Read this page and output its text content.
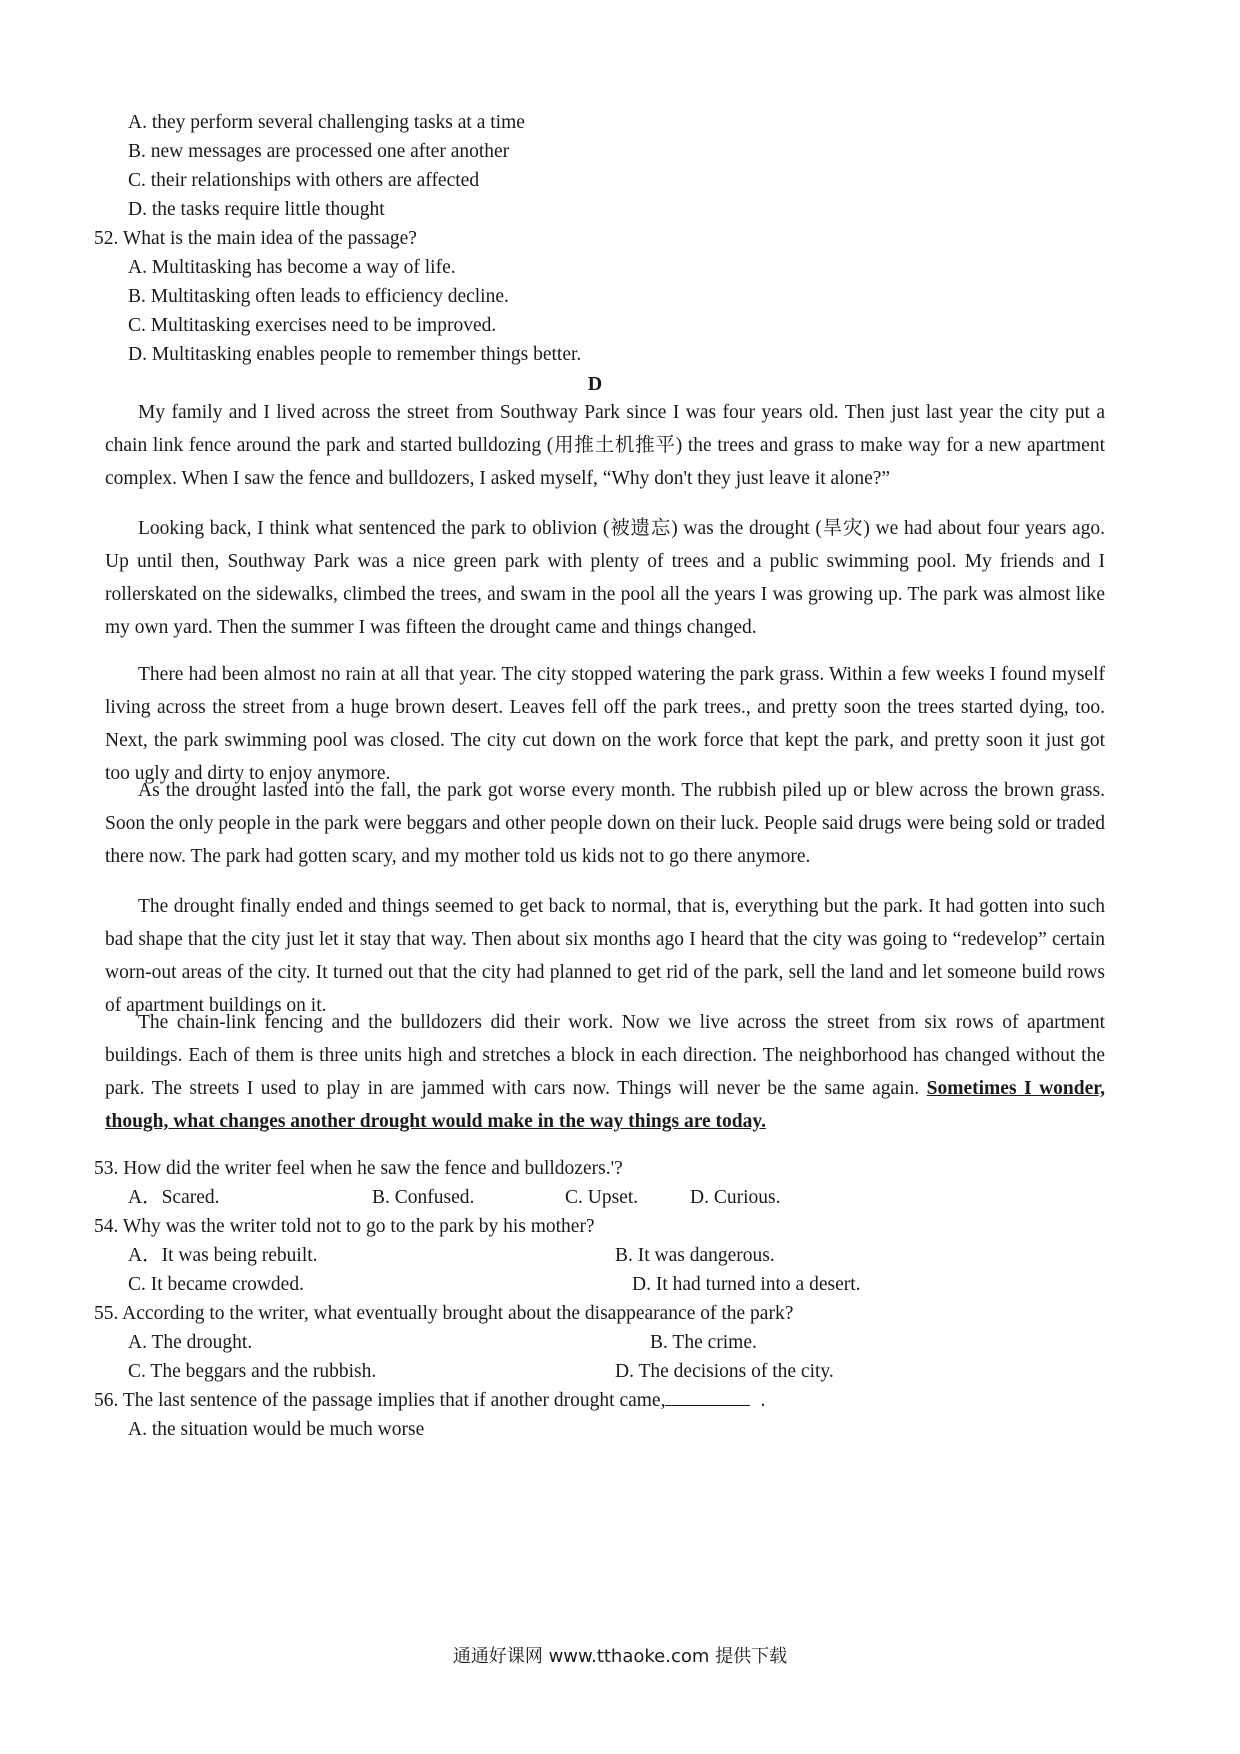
A. they perform several challenging tasks at a time
B. new messages are processed one after another
C. their relationships with others are affected
D. the tasks require little thought
52. What is the main idea of the passage?
A. Multitasking has become a way of life.
B. Multitasking often leads to efficiency decline.
C. Multitasking exercises need to be improved.
D. Multitasking enables people to remember things better.
D
My family and I lived across the street from Southway Park since I was four years old. Then just last year the city put a chain link fence around the park and started bulldozing (用推土机推平) the trees and grass to make way for a new apartment complex. When I saw the fence and bulldozers, I asked myself, “Why don't they just leave it alone?”
Looking back, I think what sentenced the park to oblivion (被遗忘) was the drought (旱灾) we had about four years ago. Up until then, Southway Park was a nice green park with plenty of trees and a public swimming pool. My friends and I rollerskated on the sidewalks, climbed the trees, and swam in the pool all the years I was growing up. The park was almost like my own yard. Then the summer I was fifteen the drought came and things changed.
There had been almost no rain at all that year. The city stopped watering the park grass. Within a few weeks I found myself living across the street from a huge brown desert. Leaves fell off the park trees., and pretty soon the trees started dying, too. Next, the park swimming pool was closed. The city cut down on the work force that kept the park, and pretty soon it just got too ugly and dirty to enjoy anymore.
As the drought lasted into the fall, the park got worse every month. The rubbish piled up or blew across the brown grass. Soon the only people in the park were beggars and other people down on their luck. People said drugs were being sold or traded there now. The park had gotten scary, and my mother told us kids not to go there anymore.
The drought finally ended and things seemed to get back to normal, that is, everything but the park. It had gotten into such bad shape that the city just let it stay that way. Then about six months ago I heard that the city was going to “redevelop” certain worn-out areas of the city. It turned out that the city had planned to get rid of the park, sell the land and let someone build rows of apartment buildings on it.
The chain-link fencing and the bulldozers did their work. Now we live across the street from six rows of apartment buildings. Each of them is three units high and stretches a block in each direction. The neighborhood has changed without the park. The streets I used to play in are jammed with cars now. Things will never be the same again. Sometimes I wonder, though, what changes another drought would make in the way things are today.
53. How did the writer feel when he saw the fence and bulldozers.'?
A．Scared.	B. Confused.	C. Upset.	D. Curious.
54. Why was the writer told not to go to the park by his mother?
A．It was being rebuilt.	B. It was dangerous.
C. It became crowded.	D. It had turned into a desert.
55. According to the writer, what eventually brought about the disappearance of the park?
A. The drought.	B. The crime.
C. The beggars and the rubbish.	D. The decisions of the city.
56. The last sentence of the passage implies that if another drought came,	.
A. the situation would be much worse
通通好课网 www.tthaoke.com 提供下载
